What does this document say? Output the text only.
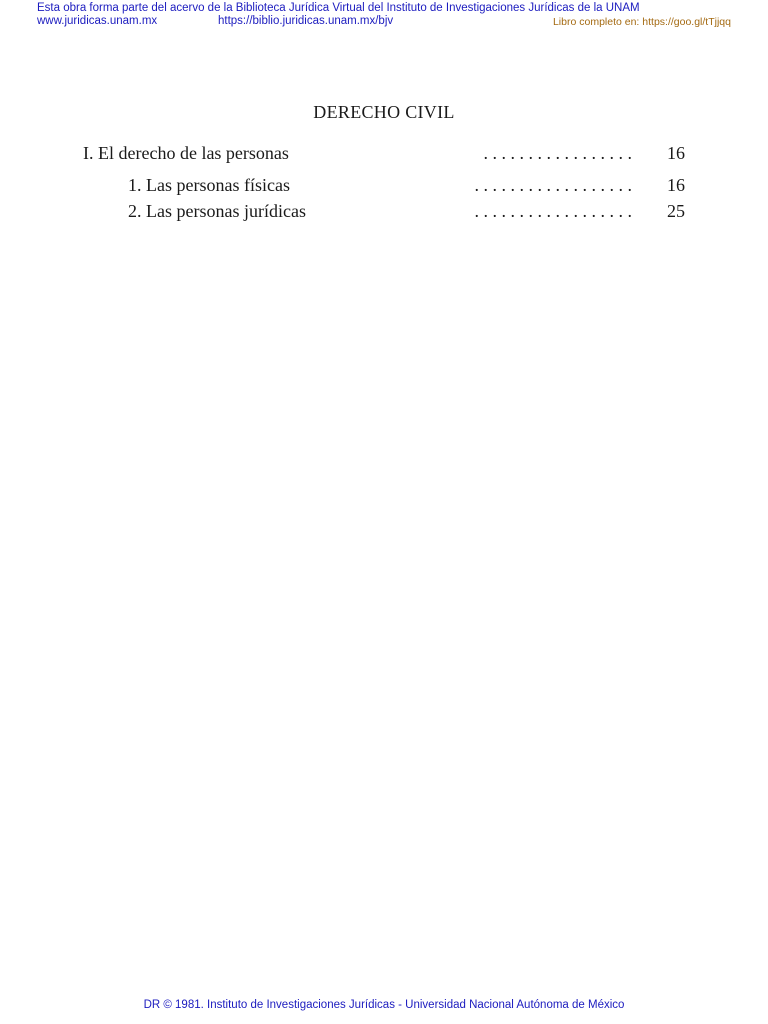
Esta obra forma parte del acervo de la Biblioteca Jurídica Virtual del Instituto de Investigaciones Jurídicas de la UNAM
www.juridicas.unam.mx	https://biblio.juridicas.unam.mx/bjv	Libro completo en: https://goo.gl/tTjjqq
DERECHO CIVIL
I. El derecho de las personas	. . . . . . . . . . . . . . . . . 16
1. Las personas físicas	. . . . . . . . . . . . . . . . . . 16
2. Las personas jurídicas	. . . . . . . . . . . . . . . . . . 25
DR © 1981. Instituto de Investigaciones Jurídicas - Universidad Nacional Autónoma de México
